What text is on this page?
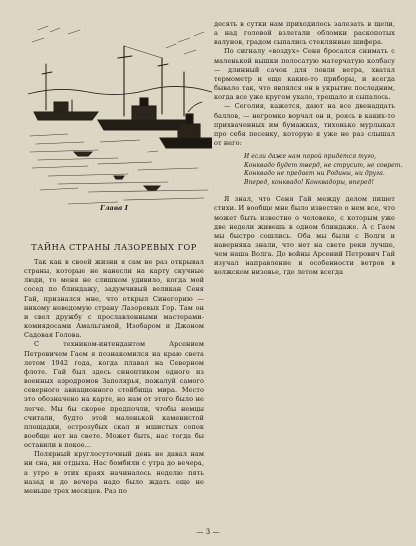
Глава I
ТАЙНА СТРАНЫ ЛАЗОРЕВЫХ ГОР

Так как в своей жизни я сам не раз открывал страны, которые не нанесли на карту скучные люди, то меня не слишком удивило, когда мой сосед по блиндажу, задумчивый великан Сеня Гай, признался мне, что открыл Синегорию — никому неведомую страну Лазоревых Гор. Там он и свел дружбу с прославленными мастерами-комиядосами Амальгамой, Изобаром и Джоном Садовая Голова.

С техником-интендантом Арсением Петровичем Гаем я познакомился на краю света летом 1942 года, когда плавал на Северном флоте. Гай был здесь синоптиком одного из военных аэродромов Заполярья, пожалуй самого северного авиационного стойбища мира. Место это обозначено на карте, но нам от этого было не легче. Мы бы скорее предпочли, чтобы немцы считали, будто этой маленькой каменистой площадки, острозубых скал и мшистых сопок вообще нет на свете. Может быть, нас тогда бы оставили в покое...

Полярный круглосуточный день не давал нам ни сна, ни отдыха. Нас бомбили с утра до вечера, а утро в этих краях начиналось неделю пять назад и до вечера надо было ждать еще не меньше трех месяцев. Раз по

десять в сутки нам приходилось залезать в щели, а над головой взлетали обломки раскопотых валунов, градом сыпались стеклянные шифера.

По сигналу «воздух» Сеня бросался снимать с маленькой вышки полосатую матерчатую колбасу — длинный сачок для ловли ветра, хватал термометр и еще какие-то приборы, и всегда бывало так, что являлся он в укрытие последним, когда все уже кругом ухало, трещало и сыпалось.

— Сеголия, кажется, дают на все двенадцать баллов, — негромко ворчал он и, роясь в каких-то прихваченных им бумажках, тихонько мурлыкал про себя песенку, которую я уже не раз слышал от него:

И если даже нам порой придется туго,
Конквадо будет тверд, не струсит, не соврет.
Конквадо не предает ни Родины, ни друга.
Вперед, конквадо! Конквадоры, вперед!

Я знал, что Сеня Гай между делом пишет стихи. И вообще мне было известно о нем все, что может быть известно о человеке, с которым уже две недели живешь в одном блиндаже. А с Гаем мы быстро сошлись. Оба мы были с Волги и наверняка знали, что нет на свете реки лучше, чем наша Волга. До войны Арсений Петрович Гай изучал направление и особенности ветров в волжском низовье, где летом всегда

— 3 —
